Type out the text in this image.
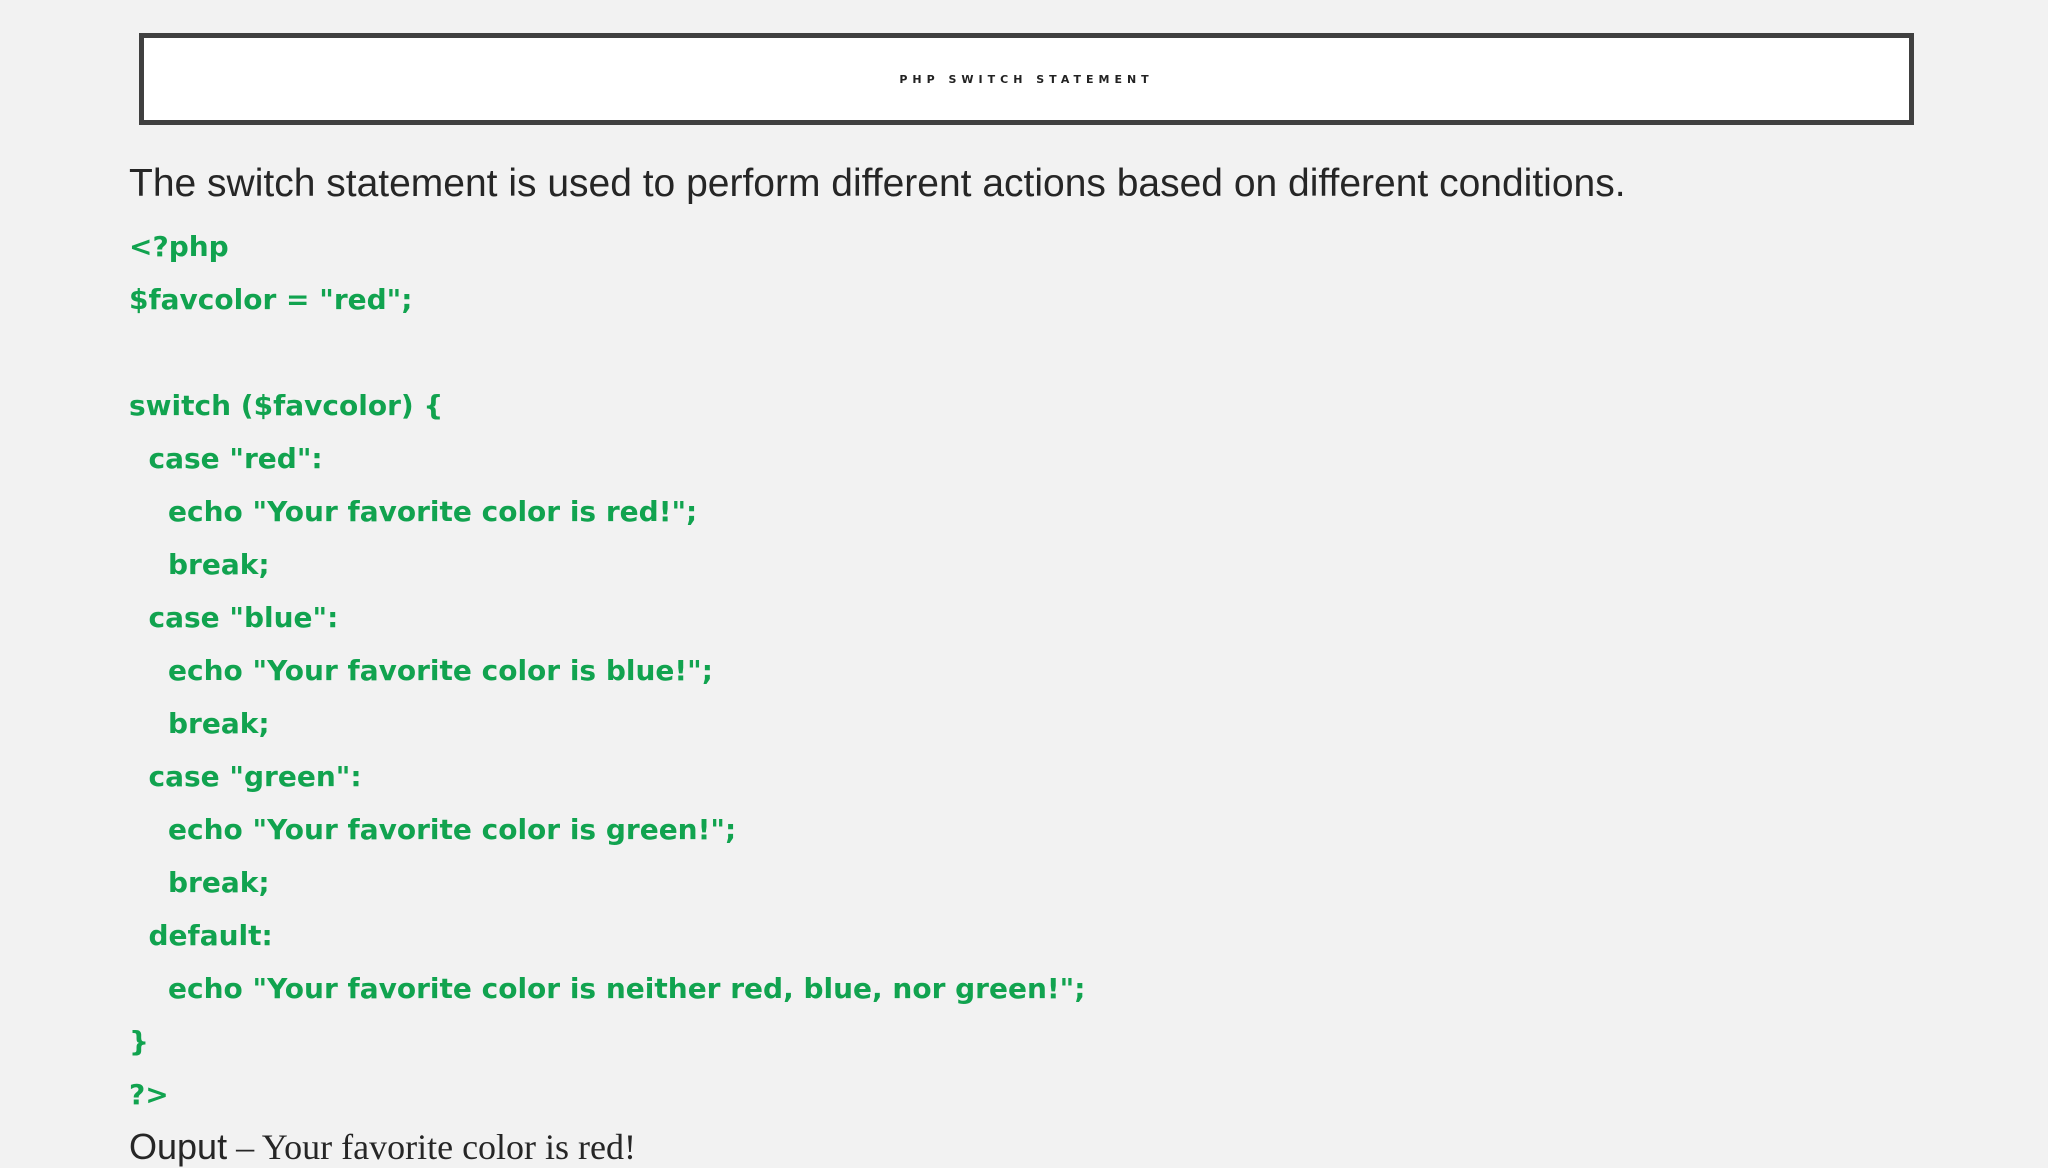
PHP SWITCH STATEMENT
The switch statement is used to perform different actions based on different conditions.
<?php
$favcolor = "red";
switch ($favcolor) {
case "red":
echo "Your favorite color is red!";
break;
case "blue":
echo "Your favorite color is blue!";
break;
case "green":
echo "Your favorite color is green!";
break;
default:
echo "Your favorite color is neither red, blue, nor green!";
}
?>
Ouput – Your favorite color is red!
